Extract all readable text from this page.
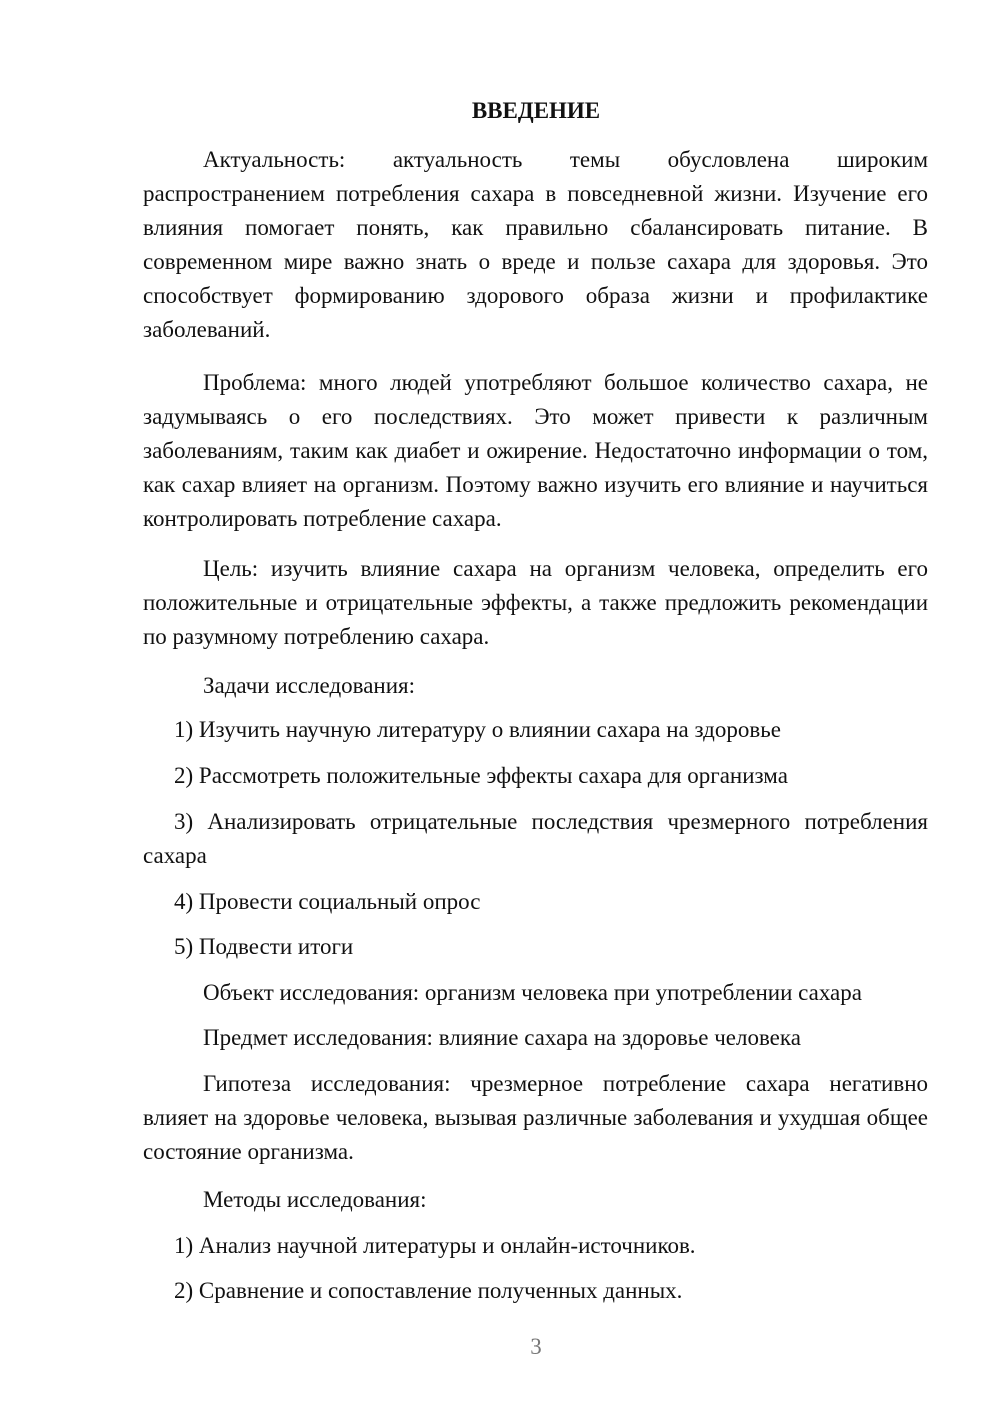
ВВЕДЕНИЕ

Актуальность: актуальность темы обусловлена широким распространением потребления сахара в повседневной жизни. Изучение его влияния помогает понять, как правильно сбалансировать питание. В современном мире важно знать о вреде и пользе сахара для здоровья. Это способствует формированию здорового образа жизни и профилактике заболеваний.

Проблема: много людей употребляют большое количество сахара, не задумываясь о его последствиях. Это может привести к различным заболеваниям, таким как диабет и ожирение. Недостаточно информации о том, как сахар влияет на организм. Поэтому важно изучить его влияние и научиться контролировать потребление сахара.

Цель: изучить влияние сахара на организм человека, определить его положительные и отрицательные эффекты, а также предложить рекомендации по разумному потреблению сахара.

Задачи исследования:

1) Изучить научную литературу о влиянии сахара на здоровье

2) Рассмотреть положительные эффекты сахара для организма

3) Анализировать отрицательные последствия чрезмерного потребления сахара

4) Провести социальный опрос

5) Подвести итоги

Объект исследования: организм человека при употреблении сахара

Предмет исследования: влияние сахара на здоровье человека

Гипотеза исследования: чрезмерное потребление сахара негативно влияет на здоровье человека, вызывая различные заболевания и ухудшая общее состояние организма.

Методы исследования:

1) Анализ научной литературы и онлайн-источников.

2) Сравнение и сопоставление полученных данных.

3
